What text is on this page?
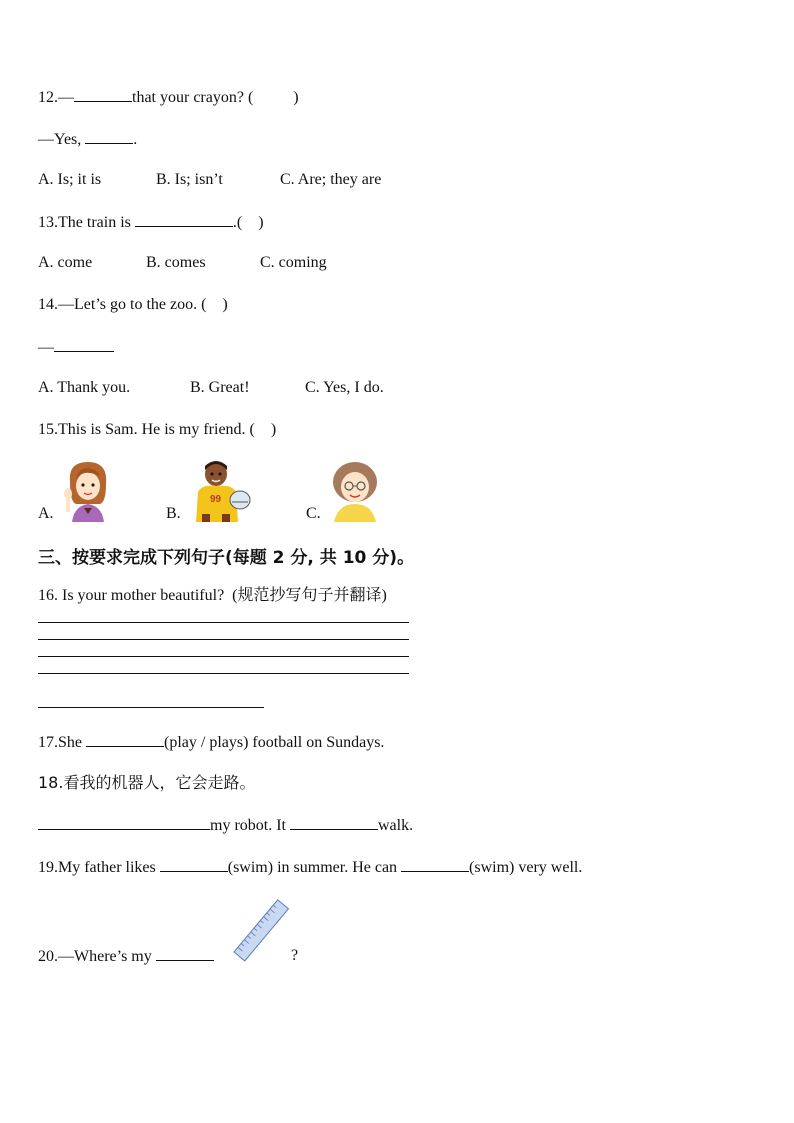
12.—	that your crayon? (          )
—Yes,	.
A. Is; it is	B. Is; isn’t	C. Are; they are
13.The train is	.(    )
A. come	B. comes	C. coming
14.—Let’s go to the zoo. (    )
—
A. Thank you.	B. Great!	C. Yes, I do.
15.This is Sam. He is my friend. (    )
A.	B.	C.
99
三、按要求完成下列句子(每题 2 分, 共 10 分)。
16. Is your mother beautiful?  (规范抄写句子并翻译)
17.She	(play / plays) football on Sundays.
18.看我的机器人，它会走路。
my robot. It	walk.
19.My father likes	(swim) in summer. He can	(swim) very well.
20.—Where’s my	?
